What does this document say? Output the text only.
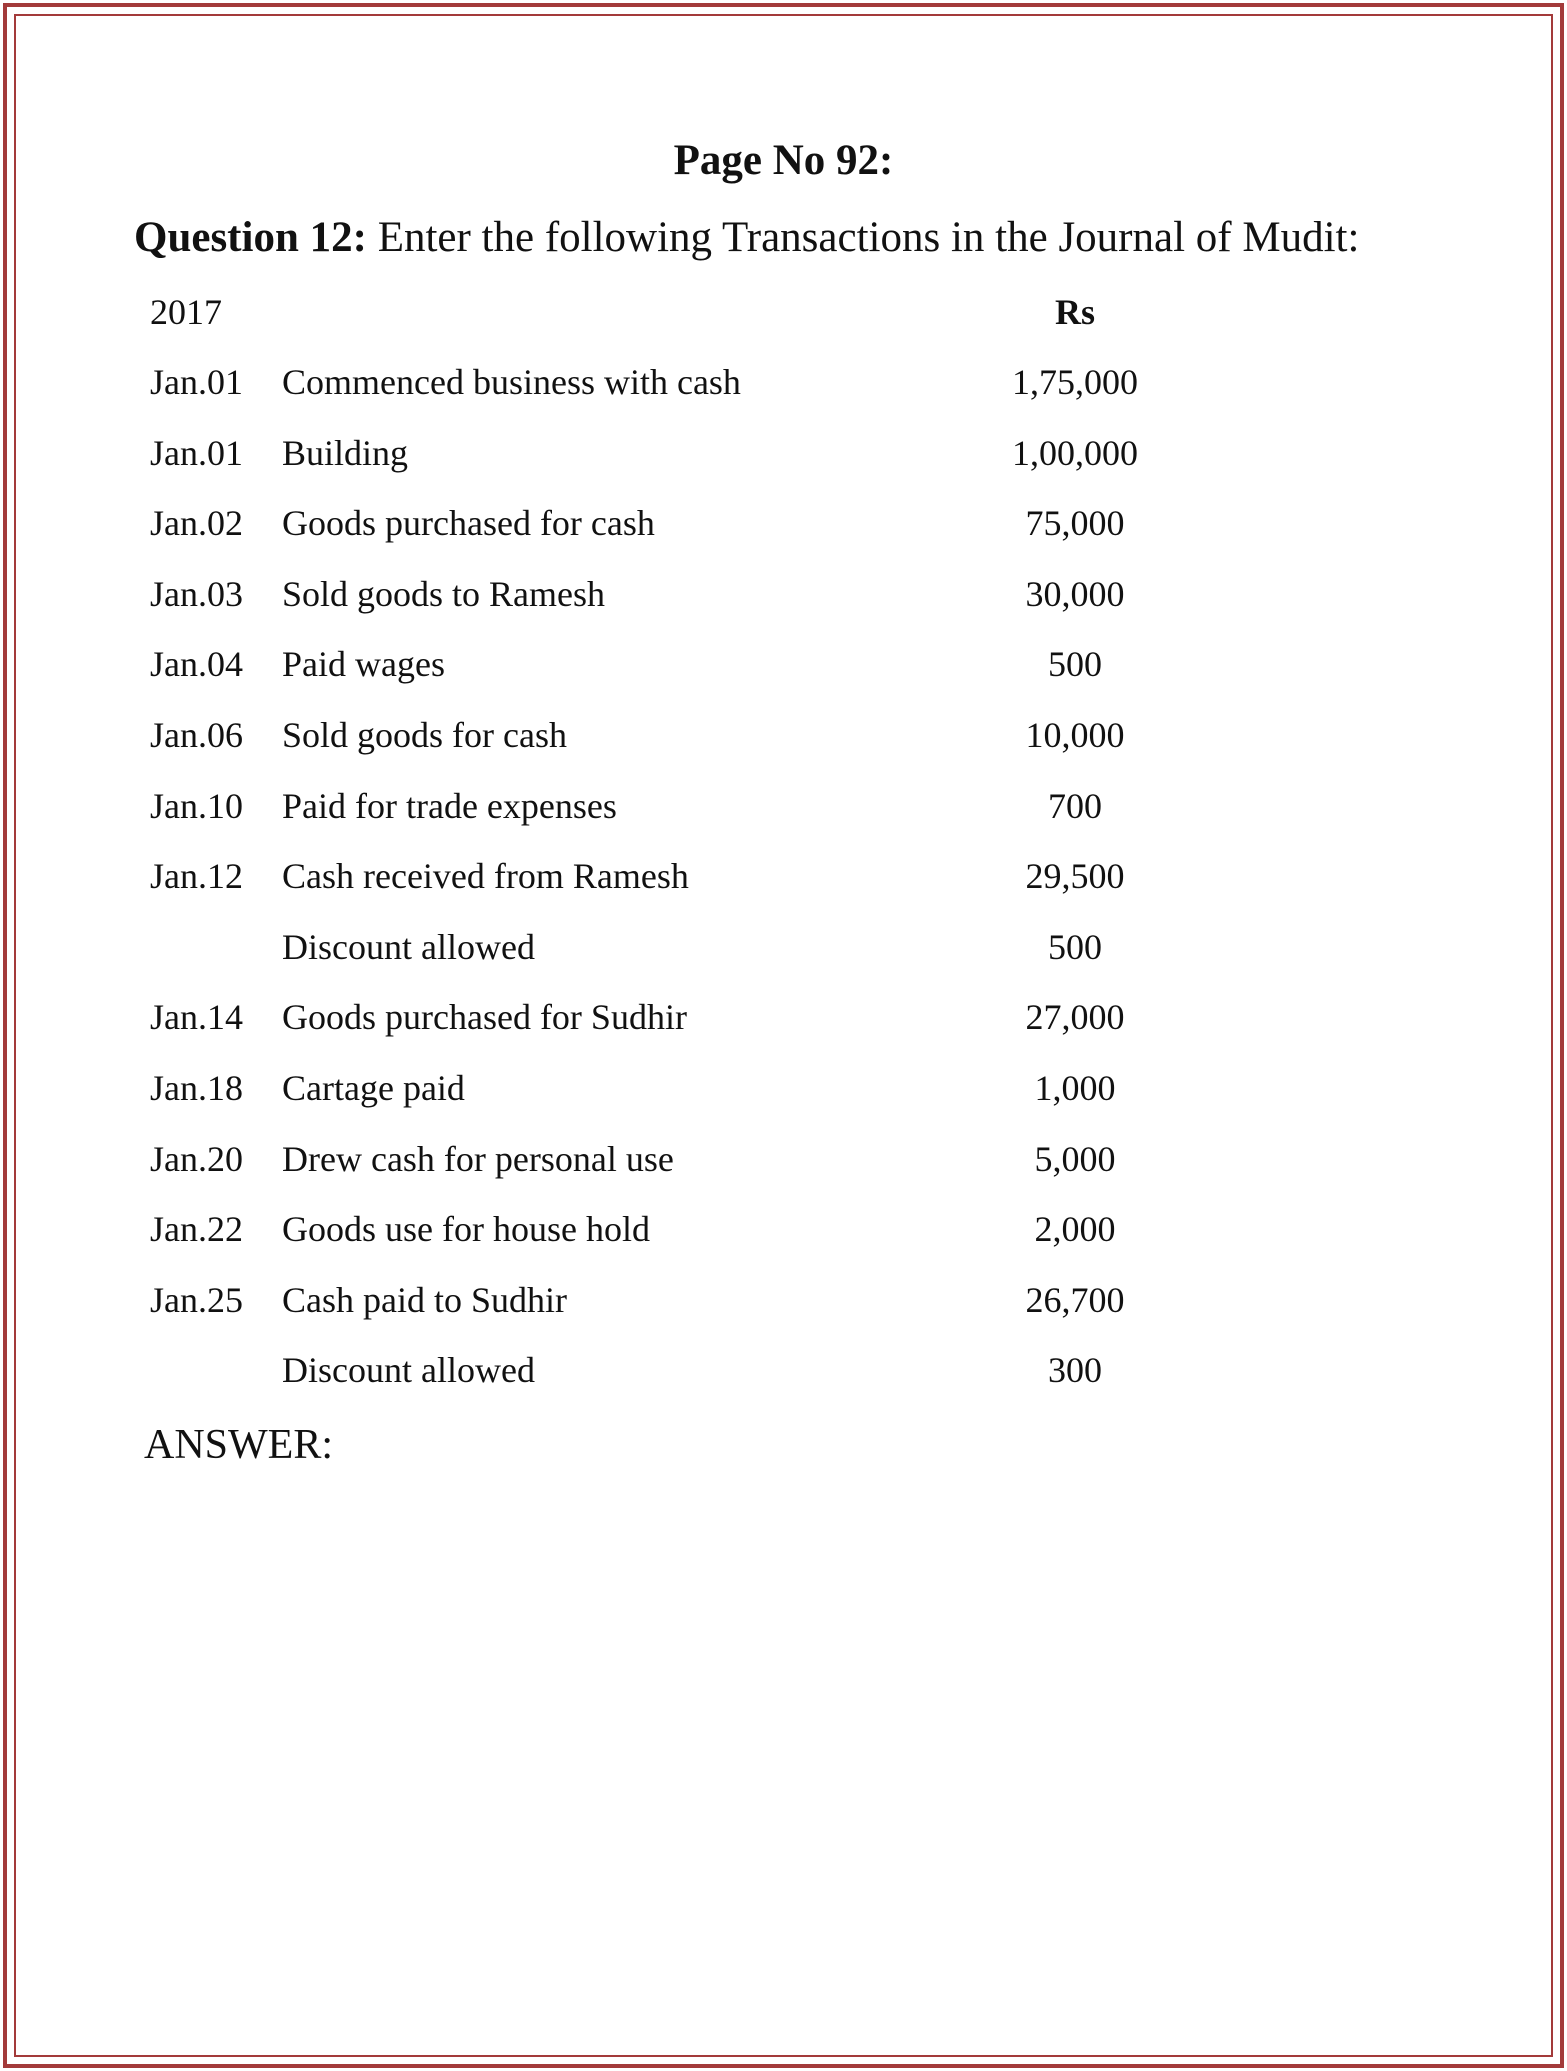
Page No 92:
Question 12: Enter the following Transactions in the Journal of Mudit:
2017	Rs
Jan.01 Commenced business with cash	1,75,000
Jan.01 Building	1,00,000
Jan.02 Goods purchased for cash	75,000
Jan.03 Sold goods to Ramesh	30,000
Jan.04 Paid wages	500
Jan.06 Sold goods for cash	10,000
Jan.10 Paid for trade expenses	700
Jan.12 Cash received from Ramesh	29,500
Discount allowed	500
Jan.14 Goods purchased for Sudhir	27,000
Jan.18 Cartage paid	1,000
Jan.20 Drew cash for personal use	5,000
Jan.22 Goods use for house hold	2,000
Jan.25 Cash paid to Sudhir	26,700
Discount allowed	300
ANSWER:
